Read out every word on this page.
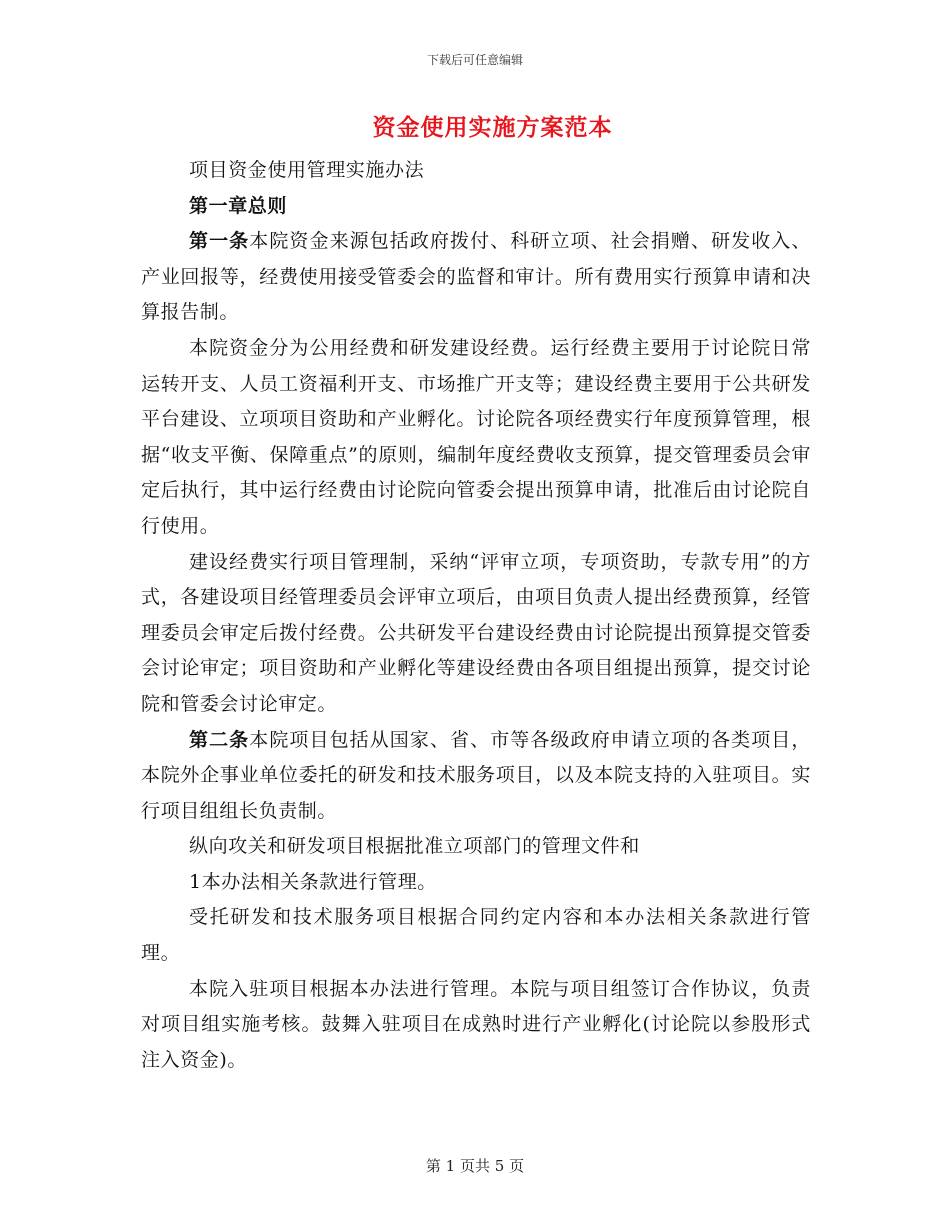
下载后可任意编辑
资金使用实施方案范本

项目资金使用管理实施办法

第一章总则

第一条本院资金来源包括政府拨付、科研立项、社会捐赠、研发收入、产业回报等，经费使用接受管委会的监督和审计。所有费用实行预算申请和决算报告制。

本院资金分为公用经费和研发建设经费。运行经费主要用于讨论院日常运转开支、人员工资福利开支、市场推广开支等；建设经费主要用于公共研发平台建设、立项项目资助和产业孵化。讨论院各项经费实行年度预算管理，根据“收支平衡、保障重点”的原则，编制年度经费收支预算，提交管理委员会审定后执行，其中运行经费由讨论院向管委会提出预算申请，批准后由讨论院自行使用。

建设经费实行项目管理制，采纳“评审立项，专项资助，专款专用”的方式，各建设项目经管理委员会评审立项后，由项目负责人提出经费预算，经管理委员会审定后拨付经费。公共研发平台建设经费由讨论院提出预算提交管委会讨论审定；项目资助和产业孵化等建设经费由各项目组提出预算，提交讨论院和管委会讨论审定。

第二条本院项目包括从国家、省、市等各级政府申请立项的各类项目，本院外企事业单位委托的研发和技术服务项目，以及本院支持的入驻项目。实行项目组组长负责制。

纵向攻关和研发项目根据批准立项部门的管理文件和

1本办法相关条款进行管理。

受托研发和技术服务项目根据合同约定内容和本办法相关条款进行管理。

本院入驻项目根据本办法进行管理。本院与项目组签订合作协议，负责对项目组实施考核。鼓舞入驻项目在成熟时进行产业孵化(讨论院以参股形式注入资金)。

第 1 页共 5 页
